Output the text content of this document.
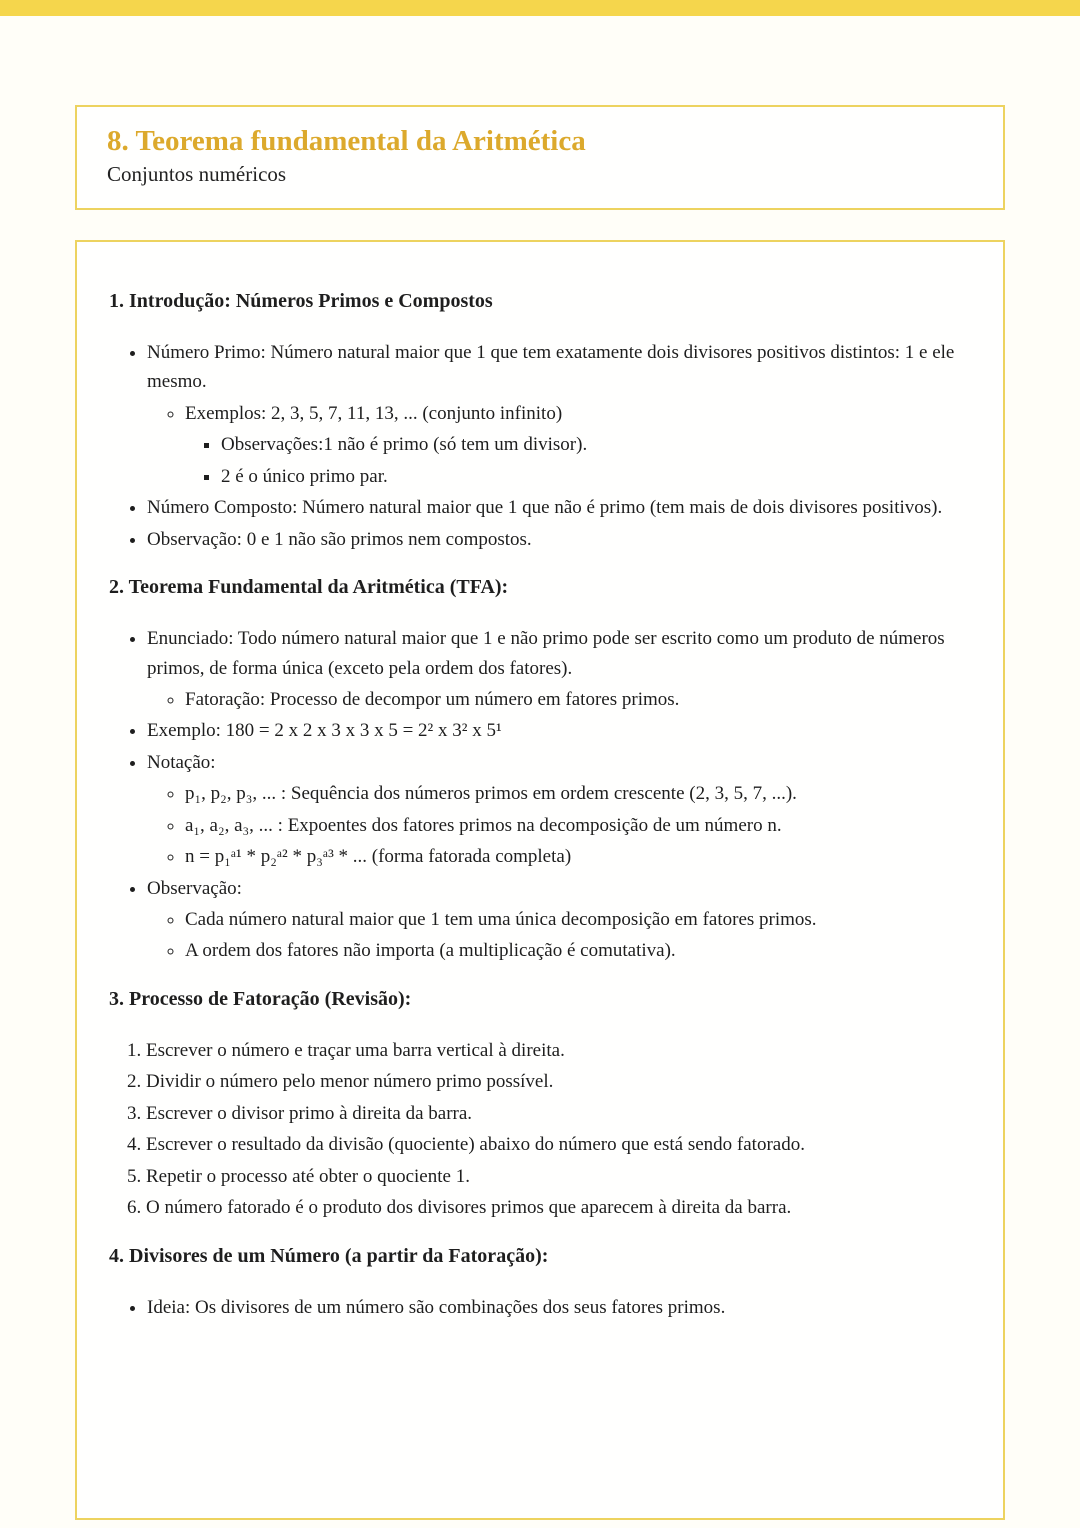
8. Teorema fundamental da Aritmética
Conjuntos numéricos
1. Introdução: Números Primos e Compostos
• Número Primo: Número natural maior que 1 que tem exatamente dois divisores positivos distintos: 1 e ele mesmo.
◦ Exemplos: 2, 3, 5, 7, 11, 13, ... (conjunto infinito)
▪ Observações:1 não é primo (só tem um divisor).
▪ 2 é o único primo par.
• Número Composto: Número natural maior que 1 que não é primo (tem mais de dois divisores positivos).
• Observação: 0 e 1 não são primos nem compostos.
2. Teorema Fundamental da Aritmética (TFA):
• Enunciado: Todo número natural maior que 1 e não primo pode ser escrito como um produto de números primos, de forma única (exceto pela ordem dos fatores).
◦ Fatoração: Processo de decompor um número em fatores primos.
• Exemplo: 180 = 2 x 2 x 3 x 3 x 5 = 2² x 3² x 5¹
• Notação:
◦ p₁, p₂, p₃, ... : Sequência dos números primos em ordem crescente (2, 3, 5, 7, ...).
◦ a₁, a₂, a₃, ... : Expoentes dos fatores primos na decomposição de um número n.
◦ n = p₁ᵃ¹ * p₂ᵃ² * p₃ᵃ³ * ... (forma fatorada completa)
• Observação:
◦ Cada número natural maior que 1 tem uma única decomposição em fatores primos.
◦ A ordem dos fatores não importa (a multiplicação é comutativa).
3. Processo de Fatoração (Revisão):
Escrever o número e traçar uma barra vertical à direita.
Dividir o número pelo menor número primo possível.
Escrever o divisor primo à direita da barra.
Escrever o resultado da divisão (quociente) abaixo do número que está sendo fatorado.
Repetir o processo até obter o quociente 1.
O número fatorado é o produto dos divisores primos que aparecem à direita da barra.
4. Divisores de um Número (a partir da Fatoração):
• Ideia: Os divisores de um número são combinações dos seus fatores primos.
